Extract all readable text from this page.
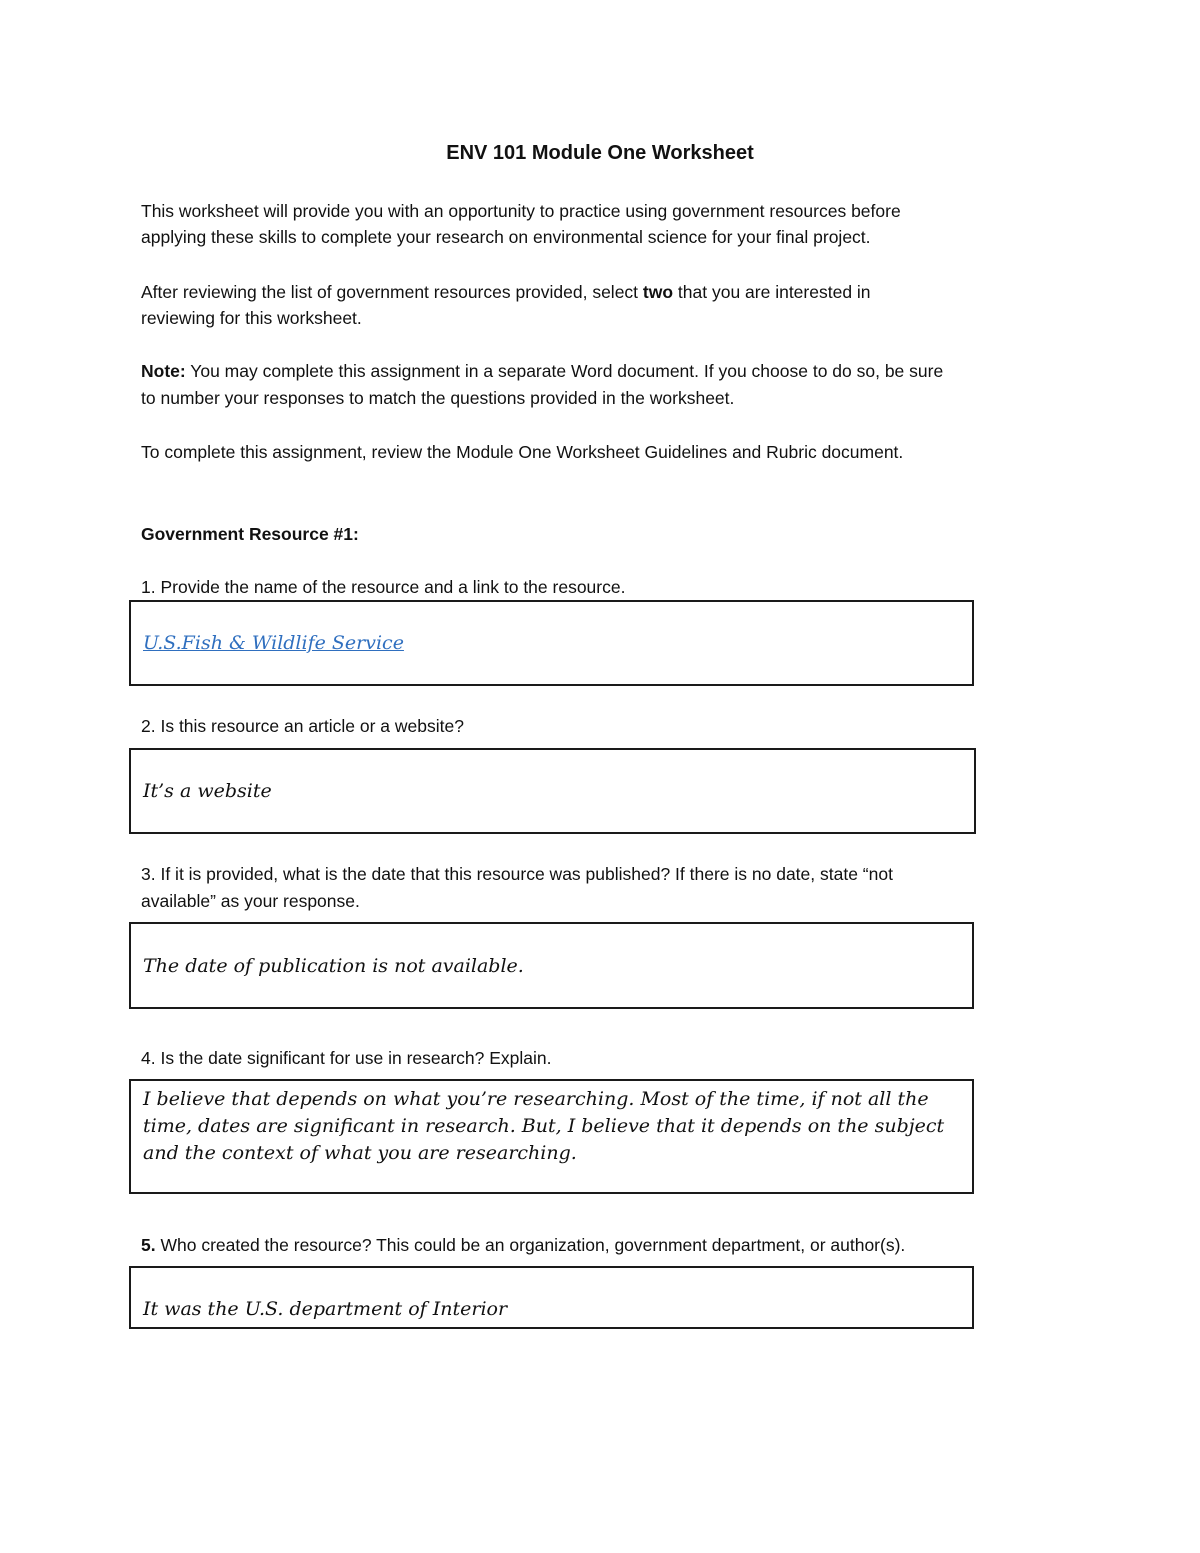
ENV 101 Module One Worksheet

This worksheet will provide you with an opportunity to practice using government resources before

applying these skills to complete your research on environmental science for your final project.

After reviewing the list of government resources provided, select two that you are interested in

reviewing for this worksheet.

Note: You may complete this assignment in a separate Word document. If you choose to do so, be sure

to number your responses to match the questions provided in the worksheet.

To complete this assignment, review the Module One Worksheet Guidelines and Rubric document.

Government Resource #1:

1. Provide the name of the resource and a link to the resource.

U.S.Fish & Wildlife Service

2. Is this resource an article or a website?

It’s a website

3. If it is provided, what is the date that this resource was published? If there is no date, state “not

available” as your response.

The date of publication is not available.

4. Is the date significant for use in research? Explain.

I believe that depends on what you’re researching. Most of the time, if not all the
time, dates are significant in research. But, I believe that it depends on the subject
and the context of what you are researching.

5. Who created the resource? This could be an organization, government department, or author(s).

It was the U.S. department of Interior
